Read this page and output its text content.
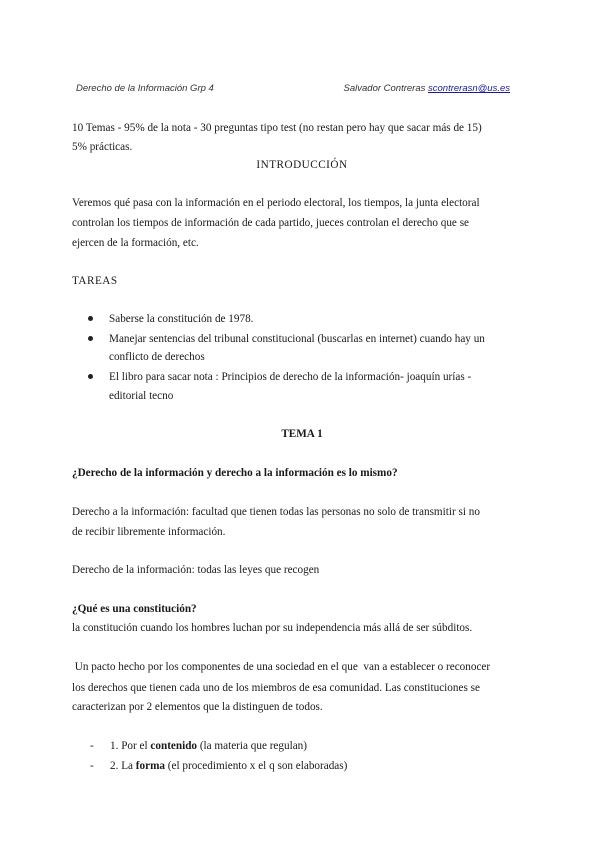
Derecho de la Información Grp 4	Salvador Contreras scontrerasn@us.es
10 Temas - 95% de la nota - 30 preguntas tipo test (no restan pero hay que sacar más de 15)
5% prácticas.
INTRODUCCIÓN
Veremos qué pasa con la información en el periodo electoral, los tiempos, la junta electoral
controlan los tiempos de información de cada partido, jueces controlan el derecho que se
ejercen de la formación, etc.
TAREAS
Saberse la constitución de 1978.
Manejar sentencias del tribunal constitucional (buscarlas en internet) cuando hay un
conflicto de derechos
El libro para sacar nota : Principios de derecho de la información- joaquín urías -
editorial tecno
TEMA 1
¿Derecho de la información y derecho a la información es lo mismo?
Derecho a la información: facultad que tienen todas las personas no solo de transmitir si no
de recibir libremente información.
Derecho de la información: todas las leyes que recogen
¿Qué es una constitución?
la constitución cuando los hombres luchan por su independencia más allá de ser súbditos.
Un pacto hecho por los componentes de una sociedad en el que  van a establecer o reconocer
los derechos que tienen cada uno de los miembros de esa comunidad. Las constituciones se
caracterizan por 2 elementos que la distinguen de todos.
- 1. Por el contenido (la materia que regulan)
- 2. La forma (el procedimiento x el q son elaboradas)
